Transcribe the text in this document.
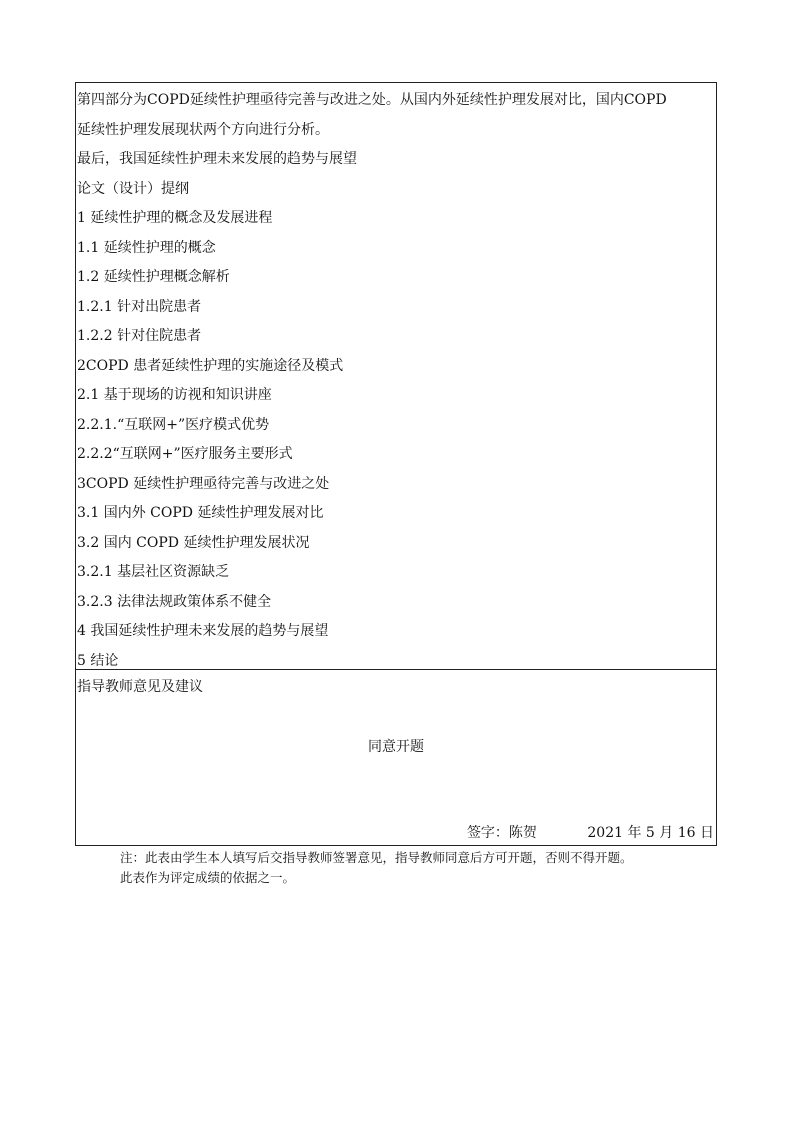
第四部分为COPD延续性护理亟待完善与改进之处。从国内外延续性护理发展对比，国内COPD
延续性护理发展现状两个方向进行分析。
最后，我国延续性护理未来发展的趋势与展望
论文（设计）提纲
1 延续性护理的概念及发展进程
1.1 延续性护理的概念
1.2 延续性护理概念解析
1.2.1 针对出院患者
1.2.2 针对住院患者
2COPD 患者延续性护理的实施途径及模式
2.1 基于现场的访视和知识讲座
2.2.1.“互联网+”医疗模式优势
2.2.2“互联网+”医疗服务主要形式
3COPD 延续性护理亟待完善与改进之处
3.1 国内外 COPD 延续性护理发展对比
3.2 国内 COPD 延续性护理发展状况
3.2.1 基层社区资源缺乏
3.2.3 法律法规政策体系不健全
4 我国延续性护理未来发展的趋势与展望
5 结论
指导教师意见及建议
同意开题
签字：陈贺	2021 年 5 月 16 日
注：此表由学生本人填写后交指导教师签署意见，指导教师同意后方可开题，否则不得开题。
此表作为评定成绩的依据之一。
